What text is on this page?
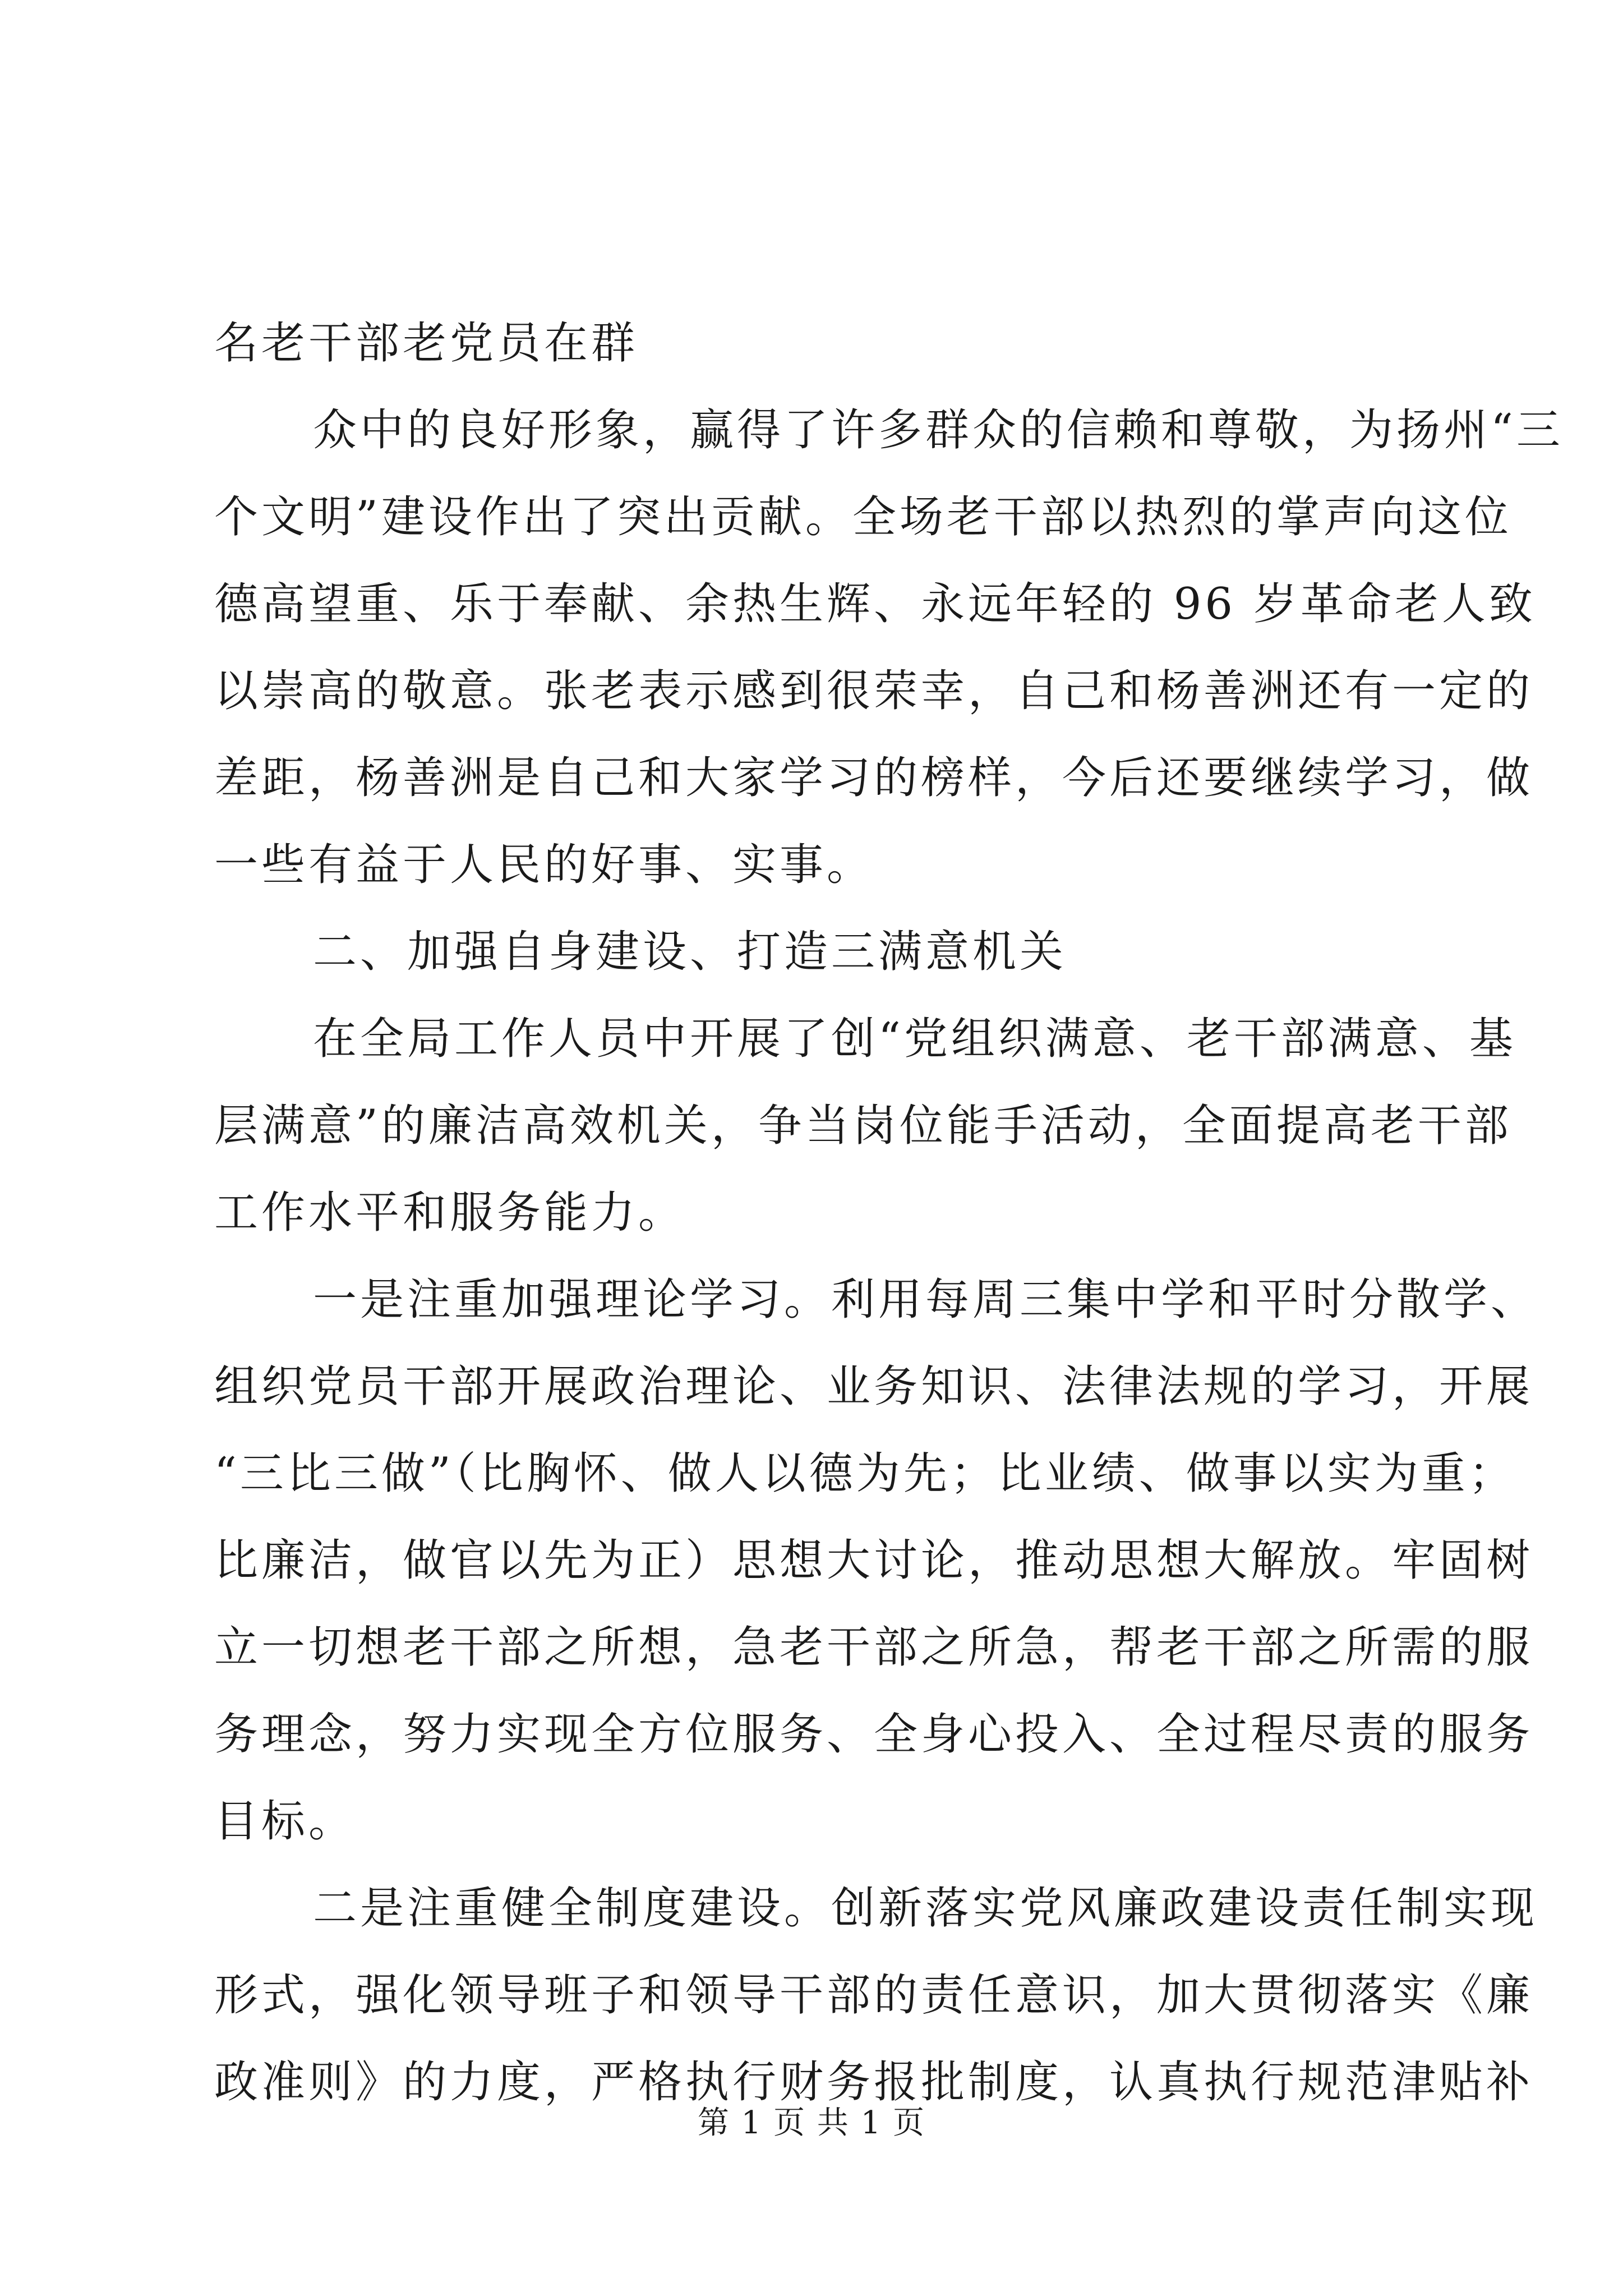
名老干部老党员在群

众中的良好形象，赢得了许多群众的信赖和尊敬，为扬州“三

个文明”建设作出了突出贡献。全场老干部以热烈的掌声向这位

德高望重、乐于奉献、余热生辉、永远年轻的 96 岁革命老人致

以崇高的敬意。张老表示感到很荣幸，自己和杨善洲还有一定的

差距，杨善洲是自己和大家学习的榜样，今后还要继续学习，做

一些有益于人民的好事、实事。

二、加强自身建设、打造三满意机关

在全局工作人员中开展了创“党组织满意、老干部满意、基

层满意”的廉洁高效机关，争当岗位能手活动，全面提高老干部

工作水平和服务能力。

一是注重加强理论学习。利用每周三集中学和平时分散学、

组织党员干部开展政治理论、业务知识、法律法规的学习，开展

“三比三做”（比胸怀、做人以德为先；比业绩、做事以实为重；

比廉洁，做官以先为正）思想大讨论，推动思想大解放。牢固树

立一切想老干部之所想，急老干部之所急，帮老干部之所需的服

务理念，努力实现全方位服务、全身心投入、全过程尽责的服务

目标。

二是注重健全制度建设。创新落实党风廉政建设责任制实现

形式，强化领导班子和领导干部的责任意识，加大贯彻落实《廉

政准则》的力度，严格执行财务报批制度，认真执行规范津贴补

第 1 页 共 1 页
